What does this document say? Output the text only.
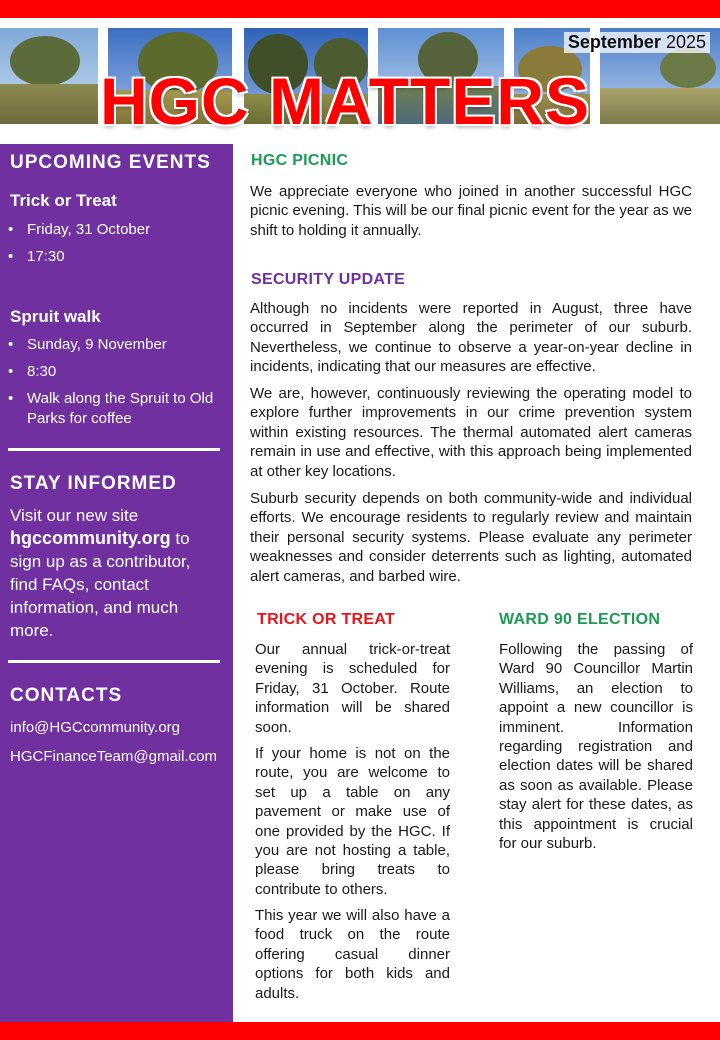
September 2025
HGC MATTERS
UPCOMING EVENTS
Trick or Treat
• Friday, 31 October
• 17:30
Spruit walk
• Sunday, 9 November
• 8:30
• Walk along the Spruit to Old Parks for coffee
STAY INFORMED

Visit our new site hgccommunity.org to sign up as a contributor, find FAQs, contact information, and much more.

CONTACTS

info@HGCcommunity.org

HGCFinanceTeam@gmail.com

HGC PICNIC

We appreciate everyone who joined in another successful HGC picnic evening. This will be our final picnic event for the year as we shift to holding it annually.

SECURITY UPDATE

Although no incidents were reported in August, three have occurred in September along the perimeter of our suburb. Nevertheless, we continue to observe a year-on-year decline in incidents, indicating that our measures are effective.

We are, however, continuously reviewing the operating model to explore further improvements in our crime prevention system within existing resources. The thermal automated alert cameras remain in use and effective, with this approach being implemented at other key locations.

Suburb security depends on both community-wide and individual efforts. We encourage residents to regularly review and maintain their personal security systems. Please evaluate any perimeter weaknesses and consider deterrents such as lighting, automated alert cameras, and barbed wire.

TRICK OR TREAT

Our annual trick-or-treat evening is scheduled for Friday, 31 October. Route information will be shared soon.

If your home is not on the route, you are welcome to set up a table on any pavement or make use of one provided by the HGC. If you are not hosting a table, please bring treats to contribute to others.

This year we will also have a food truck on the route offering casual dinner options for both kids and adults.

WARD 90 ELECTION

Following the passing of Ward 90 Councillor Martin Williams, an election to appoint a new councillor is imminent. Information regarding registration and election dates will be shared as soon as available. Please stay alert for these dates, as this appointment is crucial for our suburb.
